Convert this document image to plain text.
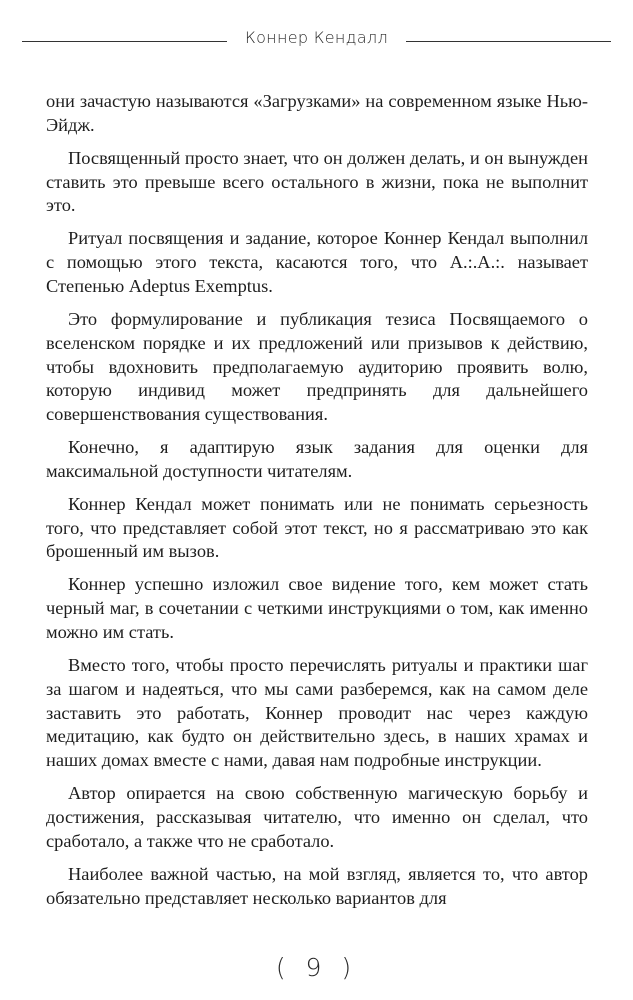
Коннер Кендалл

они зачастую называются «Загрузками» на современном языке Нью-Эйдж.

Посвященный просто знает, что он должен делать, и он вынужден ставить это превыше всего остального в жизни, пока не выполнит это.

Ритуал посвящения и задание, которое Коннер Кендал выполнил с помощью этого текста, касаются того, что A.:.A.:. называет Степенью Adeptus Exemptus.

Это формулирование и публикация тезиса Посвящаемого о вселенском порядке и их предложений или призывов к действию, чтобы вдохновить предполагаемую аудиторию проявить волю, которую индивид может предпринять для дальнейшего совершенствования существования.

Конечно, я адаптирую язык задания для оценки для максимальной доступности читателям.

Коннер Кендал может понимать или не понимать серьезность того, что представляет собой этот текст, но я рассматриваю это как брошенный им вызов.

Коннер успешно изложил свое видение того, кем может стать черный маг, в сочетании с четкими инструкциями о том, как именно можно им стать.

Вместо того, чтобы просто перечислять ритуалы и практики шаг за шагом и надеяться, что мы сами разберемся, как на самом деле заставить это работать, Коннер проводит нас через каждую медитацию, как будто он действительно здесь, в наших храмах и наших домах вместе с нами, давая нам подробные инструкции.

Автор опирается на свою собственную магическую борьбу и достижения, рассказывая читателю, что именно он сделал, что сработало, а также что не сработало.

Наиболее важной частью, на мой взгляд, является то, что автор обязательно представляет несколько вариантов для

( 9 )
